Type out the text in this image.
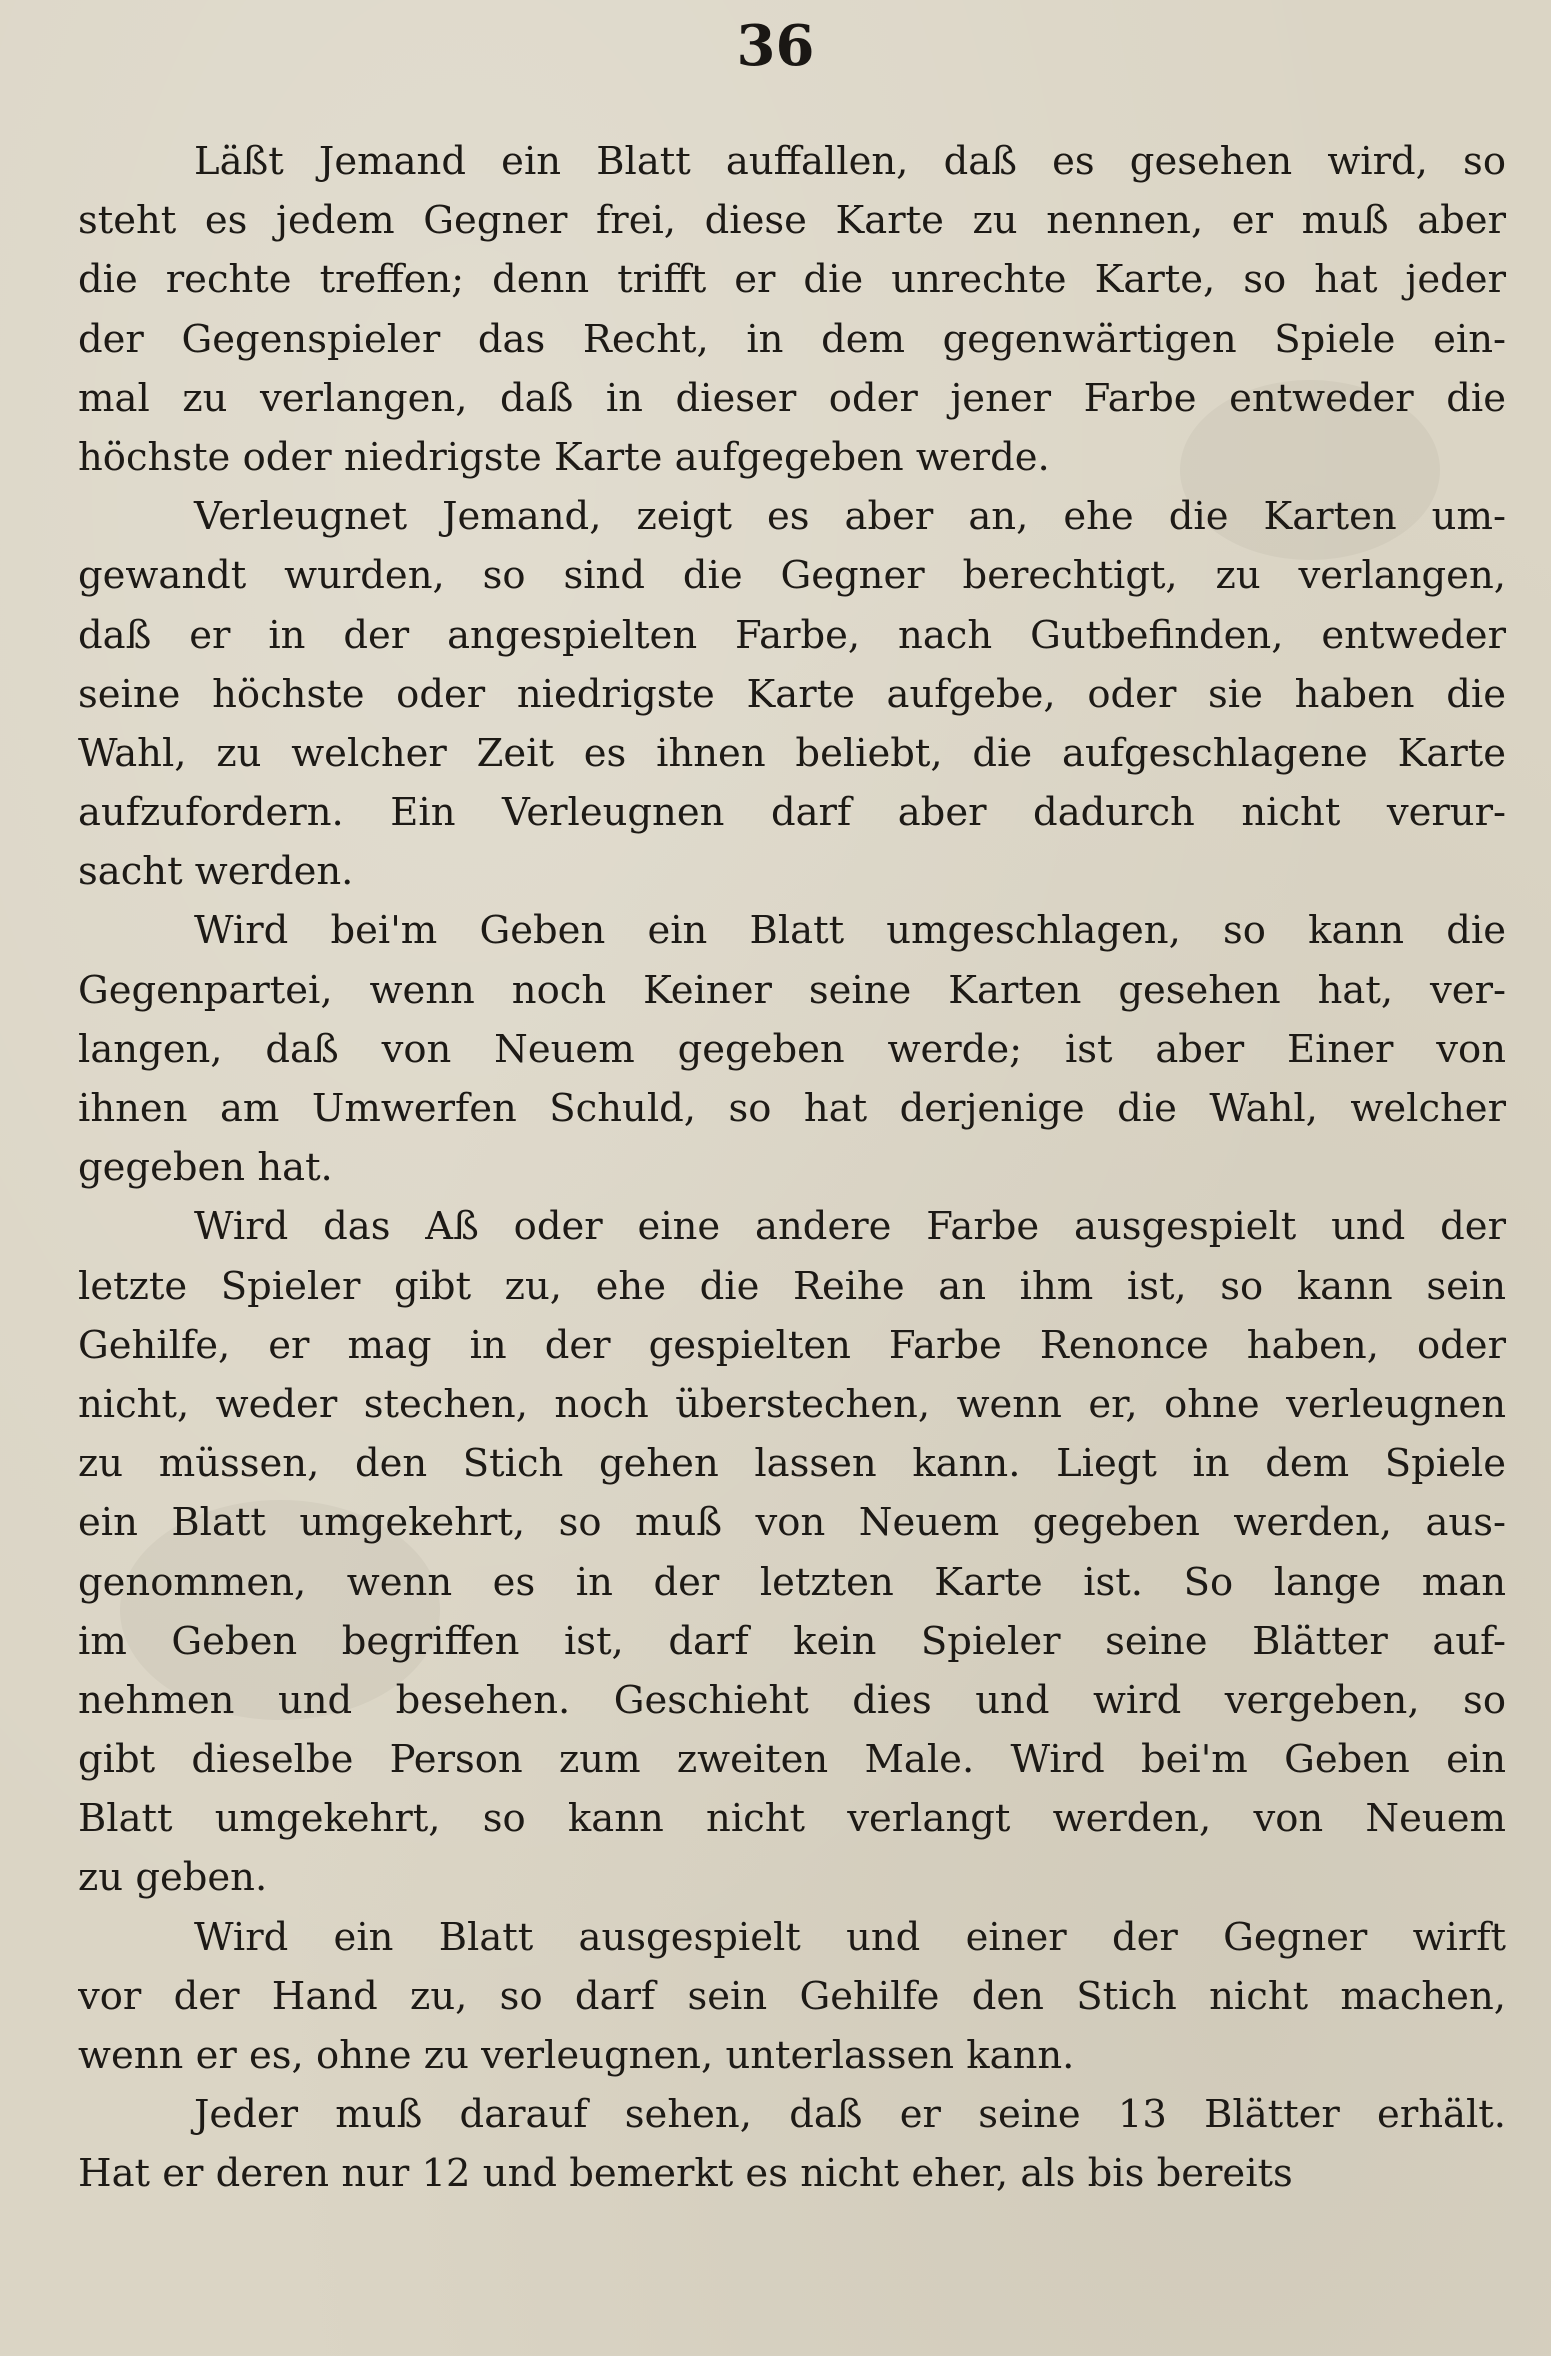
36
Läßt Jemand ein Blatt auffallen, daß es gesehen wird, so
steht es jedem Gegner frei, diese Karte zu nennen, er muß aber
die rechte treffen; denn trifft er die unrechte Karte, so hat jeder
der Gegenspieler das Recht, in dem gegenwärtigen Spiele ein-
mal zu verlangen, daß in dieser oder jener Farbe entweder die
höchste oder niedrigste Karte aufgegeben werde.
Verleugnet Jemand, zeigt es aber an, ehe die Karten um-
gewandt wurden, so sind die Gegner berechtigt, zu verlangen,
daß er in der angespielten Farbe, nach Gutbefinden, entweder
seine höchste oder niedrigste Karte aufgebe, oder sie haben die
Wahl, zu welcher Zeit es ihnen beliebt, die aufgeschlagene Karte
aufzufordern. Ein Verleugnen darf aber dadurch nicht verur-
sacht werden.
Wird bei'm Geben ein Blatt umgeschlagen, so kann die
Gegenpartei, wenn noch Keiner seine Karten gesehen hat, ver-
langen, daß von Neuem gegeben werde; ist aber Einer von
ihnen am Umwerfen Schuld, so hat derjenige die Wahl, welcher
gegeben hat.
Wird das Aß oder eine andere Farbe ausgespielt und der
letzte Spieler gibt zu, ehe die Reihe an ihm ist, so kann sein
Gehilfe, er mag in der gespielten Farbe Renonce haben, oder
nicht, weder stechen, noch überstechen, wenn er, ohne verleugnen
zu müssen, den Stich gehen lassen kann. Liegt in dem Spiele
ein Blatt umgekehrt, so muß von Neuem gegeben werden, aus-
genommen, wenn es in der letzten Karte ist. So lange man
im Geben begriffen ist, darf kein Spieler seine Blätter auf-
nehmen und besehen. Geschieht dies und wird vergeben, so
gibt dieselbe Person zum zweiten Male. Wird bei'm Geben ein
Blatt umgekehrt, so kann nicht verlangt werden, von Neuem
zu geben.
Wird ein Blatt ausgespielt und einer der Gegner wirft
vor der Hand zu, so darf sein Gehilfe den Stich nicht machen,
wenn er es, ohne zu verleugnen, unterlassen kann.
Jeder muß darauf sehen, daß er seine 13 Blätter erhält.
Hat er deren nur 12 und bemerkt es nicht eher, als bis bereits
